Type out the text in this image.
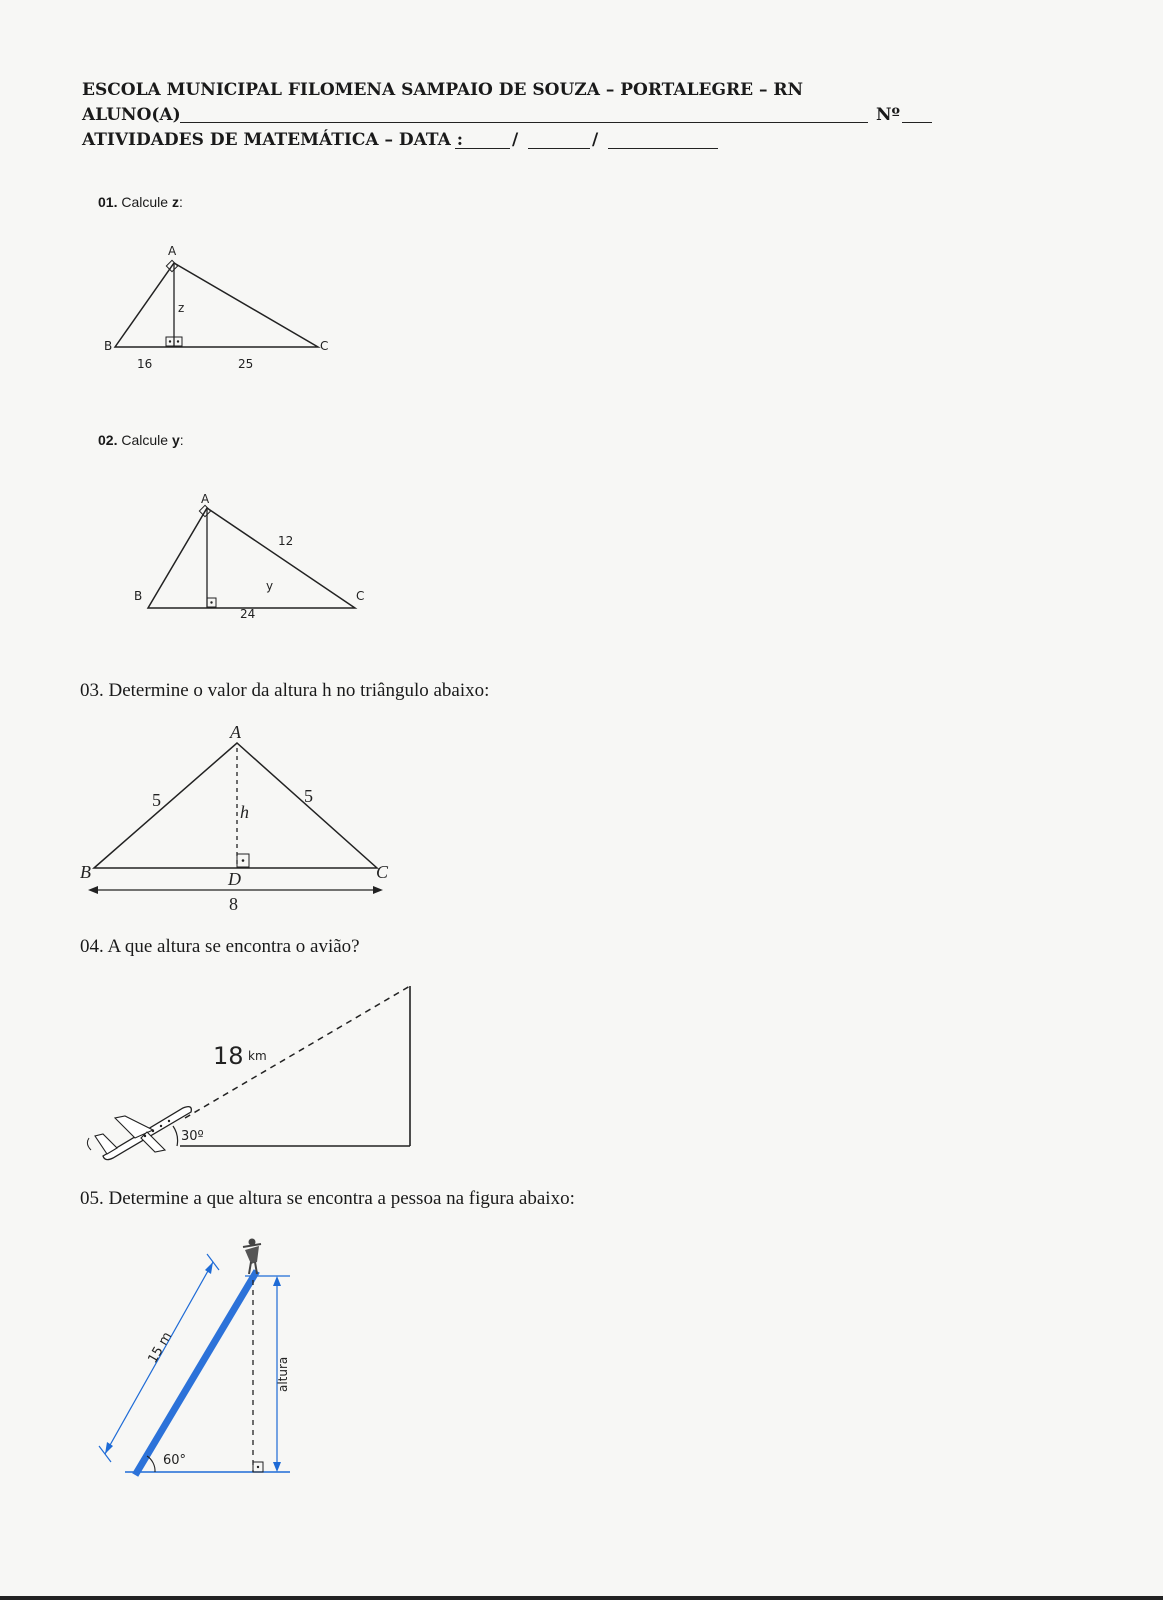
ESCOLA MUNICIPAL FILOMENA SAMPAIO DE SOUZA – PORTALEGRE – RN
ALUNO(A)	Nº
ATIVIDADES DE MATEMÁTICA – DATA :	/	/
01. Calcule z:
A
B	C
z
16	25
02. Calcule y:
A
B	C
12
y
24
03. Determine o valor da altura h no triângulo abaixo:
A
B	C
D
h
5	5
8
04. A que altura se encontra o avião?
18 km
30º
05. Determine a que altura se encontra a pessoa na figura abaixo:
15 m
60°
altura
